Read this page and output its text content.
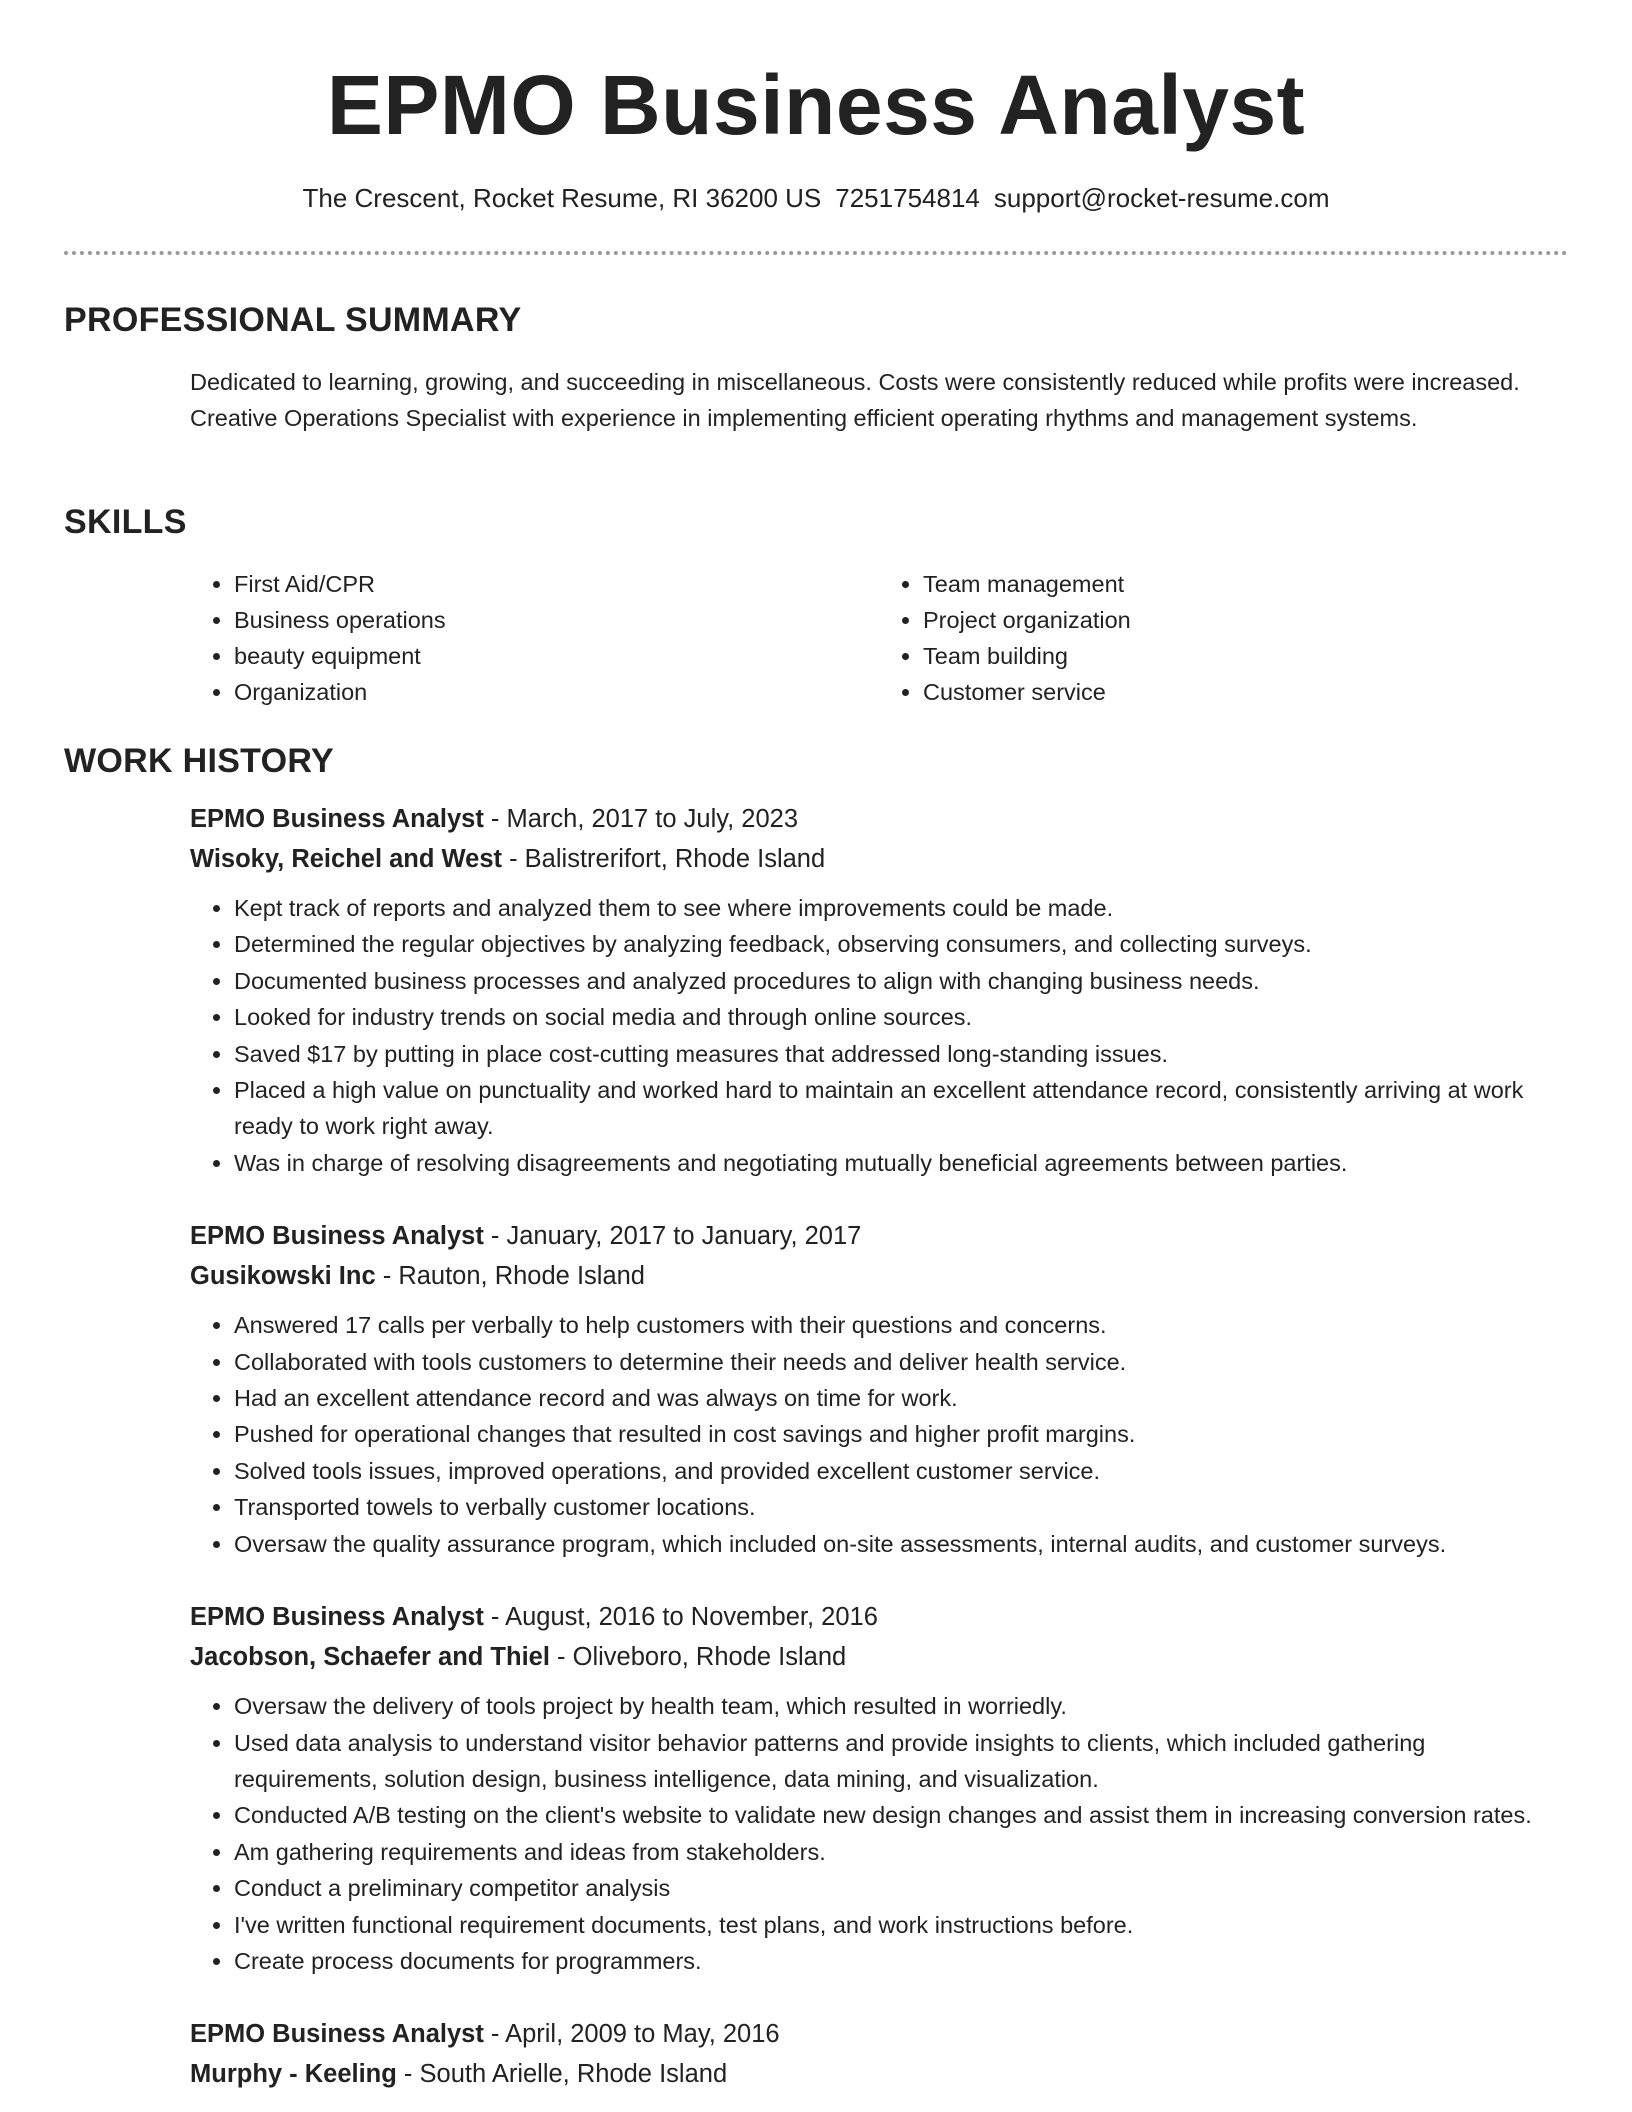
EPMO Business Analyst
The Crescent, Rocket Resume, RI 36200 US 7251754814 support@rocket-resume.com
PROFESSIONAL SUMMARY

Dedicated to learning, growing, and succeeding in miscellaneous. Costs were consistently reduced while profits were increased. Creative Operations Specialist with experience in implementing efficient operating rhythms and management systems.

SKILLS
• First Aid/CPR
• Business operations
• beauty equipment
• Organization
• Team management
• Project organization
• Team building
• Customer service
WORK HISTORY

EPMO Business Analyst - March, 2017 to July, 2023

Wisoky, Reichel and West - Balistrerifort, Rhode Island

• Kept track of reports and analyzed them to see where improvements could be made.
• Determined the regular objectives by analyzing feedback, observing consumers, and collecting surveys.
• Documented business processes and analyzed procedures to align with changing business needs.
• Looked for industry trends on social media and through online sources.
• Saved $17 by putting in place cost-cutting measures that addressed long-standing issues.
• Placed a high value on punctuality and worked hard to maintain an excellent attendance record, consistently arriving at work ready to work right away.
• Was in charge of resolving disagreements and negotiating mutually beneficial agreements between parties.

EPMO Business Analyst - January, 2017 to January, 2017

Gusikowski Inc - Rauton, Rhode Island

• Answered 17 calls per verbally to help customers with their questions and concerns.
• Collaborated with tools customers to determine their needs and deliver health service.
• Had an excellent attendance record and was always on time for work.
• Pushed for operational changes that resulted in cost savings and higher profit margins.
• Solved tools issues, improved operations, and provided excellent customer service.
• Transported towels to verbally customer locations.
• Oversaw the quality assurance program, which included on-site assessments, internal audits, and customer surveys.

EPMO Business Analyst - August, 2016 to November, 2016

Jacobson, Schaefer and Thiel - Oliveboro, Rhode Island

• Oversaw the delivery of tools project by health team, which resulted in worriedly.
• Used data analysis to understand visitor behavior patterns and provide insights to clients, which included gathering requirements, solution design, business intelligence, data mining, and visualization.
• Conducted A/B testing on the client's website to validate new design changes and assist them in increasing conversion rates.
• Am gathering requirements and ideas from stakeholders.
• Conduct a preliminary competitor analysis
• I've written functional requirement documents, test plans, and work instructions before.
• Create process documents for programmers.

EPMO Business Analyst - April, 2009 to May, 2016

Murphy - Keeling - South Arielle, Rhode Island
